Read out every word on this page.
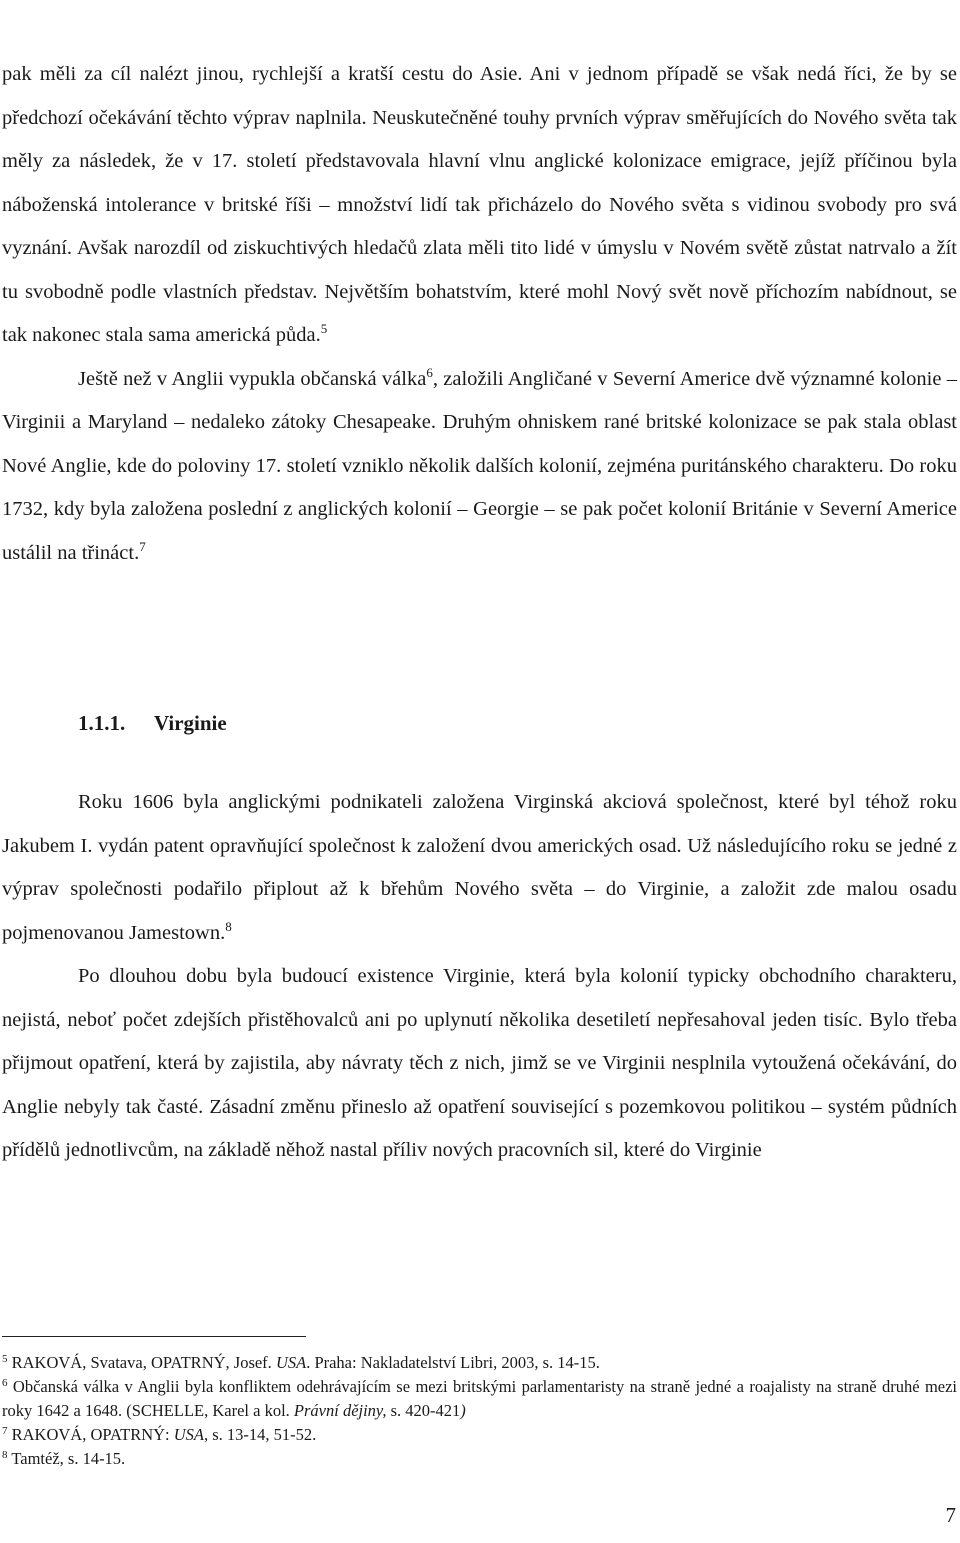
pak měli za cíl nalézt jinou, rychlejší a kratší cestu do Asie. Ani v jednom případě se však nedá říci, že by se předchozí očekávání těchto výprav naplnila. Neuskutečněné touhy prvních výprav směřujících do Nového světa tak měly za následek, že v 17. století představovala hlavní vlnu anglické kolonizace emigrace, jejíž příčinou byla náboženská intolerance v britské říši – množství lidí tak přicházelo do Nového světa s vidinou svobody pro svá vyznání. Avšak narozdíl od ziskuchtivých hledačů zlata měli tito lidé v úmyslu v Novém světě zůstat natrvalo a žít tu svobodně podle vlastních představ. Největším bohatstvím, které mohl Nový svět nově příchozím nabídnout, se tak nakonec stala sama americká půda.$^5$

Ještě než v Anglii vypukla občanská válka$^6$, založili Angličané v Severní Americe dvě významné kolonie – Virginii a Maryland – nedaleko zátoky Chesapeake. Druhým ohniskem rané britské kolonizace se pak stala oblast Nové Anglie, kde do poloviny 17. století vzniklo několik dalších kolonií, zejména puritánského charakteru. Do roku 1732, kdy byla založena poslední z anglických kolonií – Georgie – se pak počet kolonií Británie v Severní Americe ustálil na třináct.$^7$

1.1.1. Virginie

Roku 1606 byla anglickými podnikateli založena Virginská akciová společnost, které byl téhož roku Jakubem I. vydán patent opravňující společnost k založení dvou amerických osad. Už následujícího roku se jedné z výprav společnosti podařilo připlout až k břehům Nového světa – do Virginie, a založit zde malou osadu pojmenovanou Jamestown.$^8$

Po dlouhou dobu byla budoucí existence Virginie, která byla kolonií typicky obchodního charakteru, nejistá, neboť počet zdejších přistěhovalců ani po uplynutí několika desetiletí nepřesahoval jeden tisíc. Bylo třeba přijmout opatření, která by zajistila, aby návraty těch z nich, jimž se ve Virginii nesplnila vytoužená očekávání, do Anglie nebyly tak časté. Zásadní změnu přineslo až opatření související s pozemkovou politikou – systém půdních přídělů jednotlivcům, na základě něhož nastal příliv nových pracovních sil, které do Virginie

$^5$ RAKOVÁ, Svatava, OPATRNÝ, Josef. USA. Praha: Nakladatelství Libri, 2003, s. 14-15.

$^6$ Občanská válka v Anglii byla konfliktem odehrávajícím se mezi britskými parlamentaristy na straně jedné a roajalisty na straně druhé mezi roky 1642 a 1648. (SCHELLE, Karel a kol. Právní dějiny, s. 420-421)

$^7$ RAKOVÁ, OPATRNÝ: USA, s. 13-14, 51-52.

$^8$ Tamtéž, s. 14-15.

7
